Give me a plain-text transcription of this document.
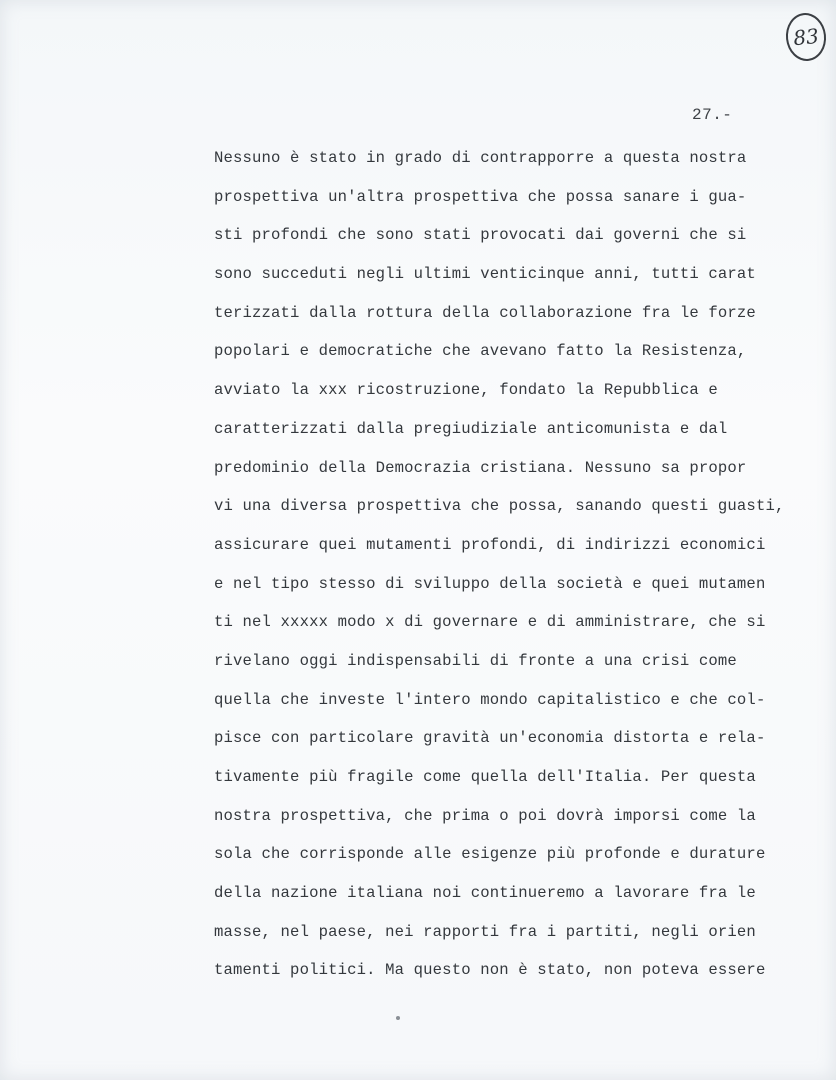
83
27.-
Nessuno è stato in grado di contrapporre a questa nostra
prospettiva un'altra prospettiva che possa sanare i gua-
sti profondi che sono stati provocati dai governi che si
sono succeduti negli ultimi venticinque anni, tutti carat
terizzati dalla rottura della collaborazione fra le forze
popolari e democratiche che avevano fatto la Resistenza,
avviato la xxx ricostruzione, fondato la Repubblica e
caratterizzati dalla pregiudiziale anticomunista e dal
predominio della Democrazia cristiana. Nessuno sa propor
vi una diversa prospettiva che possa, sanando questi guasti,
assicurare quei mutamenti profondi, di indirizzi economici
e nel tipo stesso di sviluppo della società e quei mutamen
ti nel xxxxx modo x di governare e di amministrare, che si
rivelano oggi indispensabili di fronte a una crisi come
quella che investe l'intero mondo capitalistico e che col-
pisce con particolare gravità un'economia distorta e rela-
tivamente più fragile come quella dell'Italia. Per questa
nostra prospettiva, che prima o poi dovrà imporsi come la
sola che corrisponde alle esigenze più profonde e durature
della nazione italiana noi continueremo a lavorare fra le
masse, nel paese, nei rapporti fra i partiti, negli orien
tamenti politici. Ma questo non è stato, non poteva essere
